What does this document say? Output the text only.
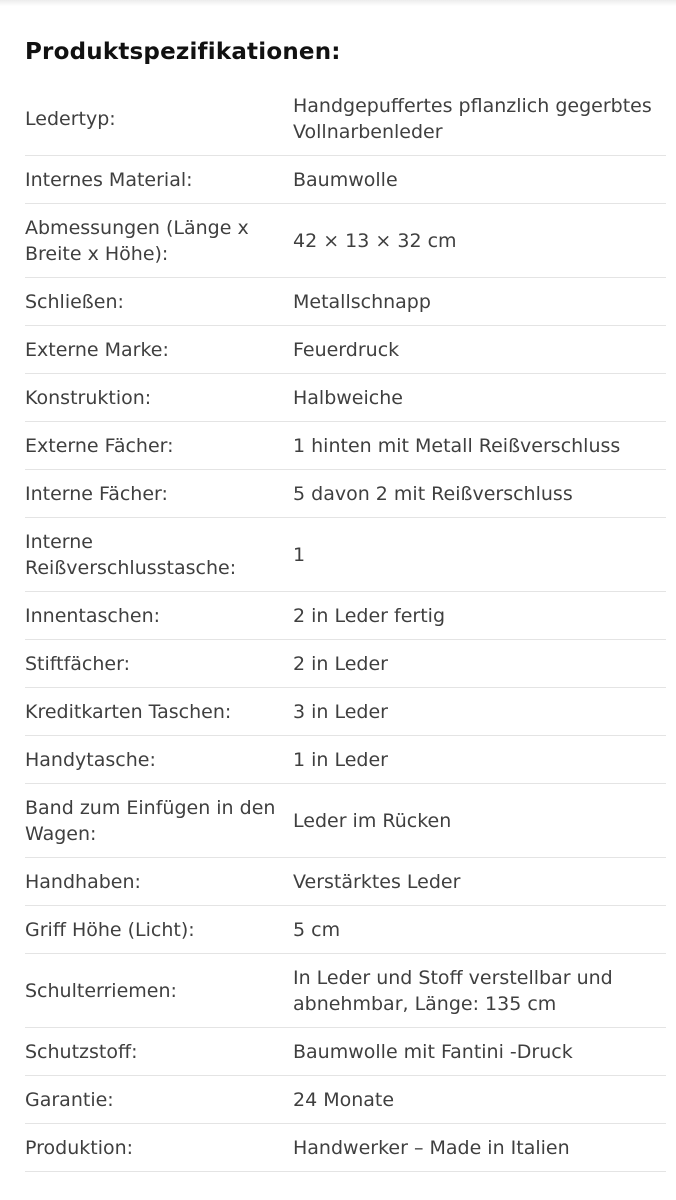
Produktspezifikationen:
Ledertyp:	Handgepuffertes pflanzlich gegerbtes Vollnarbenleder
Internes Material:	Baumwolle
Abmessungen (Länge x Breite x Höhe):	42 × 13 × 32 cm
Schließen:	Metallschnapp
Externe Marke:	Feuerdruck
Konstruktion:	Halbweiche
Externe Fächer:	1 hinten mit Metall Reißverschluss
Interne Fächer:	5 davon 2 mit Reißverschluss
Interne Reißverschlusstasche:	1
Innentaschen:	2 in Leder fertig
Stiftfächer:	2 in Leder
Kreditkarten Taschen:	3 in Leder
Handytasche:	1 in Leder
Band zum Einfügen in den Wagen:	Leder im Rücken
Handhaben:	Verstärktes Leder
Griff Höhe (Licht):	5 cm
Schulterriemen:	In Leder und Stoff verstellbar und abnehmbar, Länge: 135 cm
Schutzstoff:	Baumwolle mit Fantini -Druck
Garantie:	24 Monate
Produktion:	Handwerker – Made in Italien
